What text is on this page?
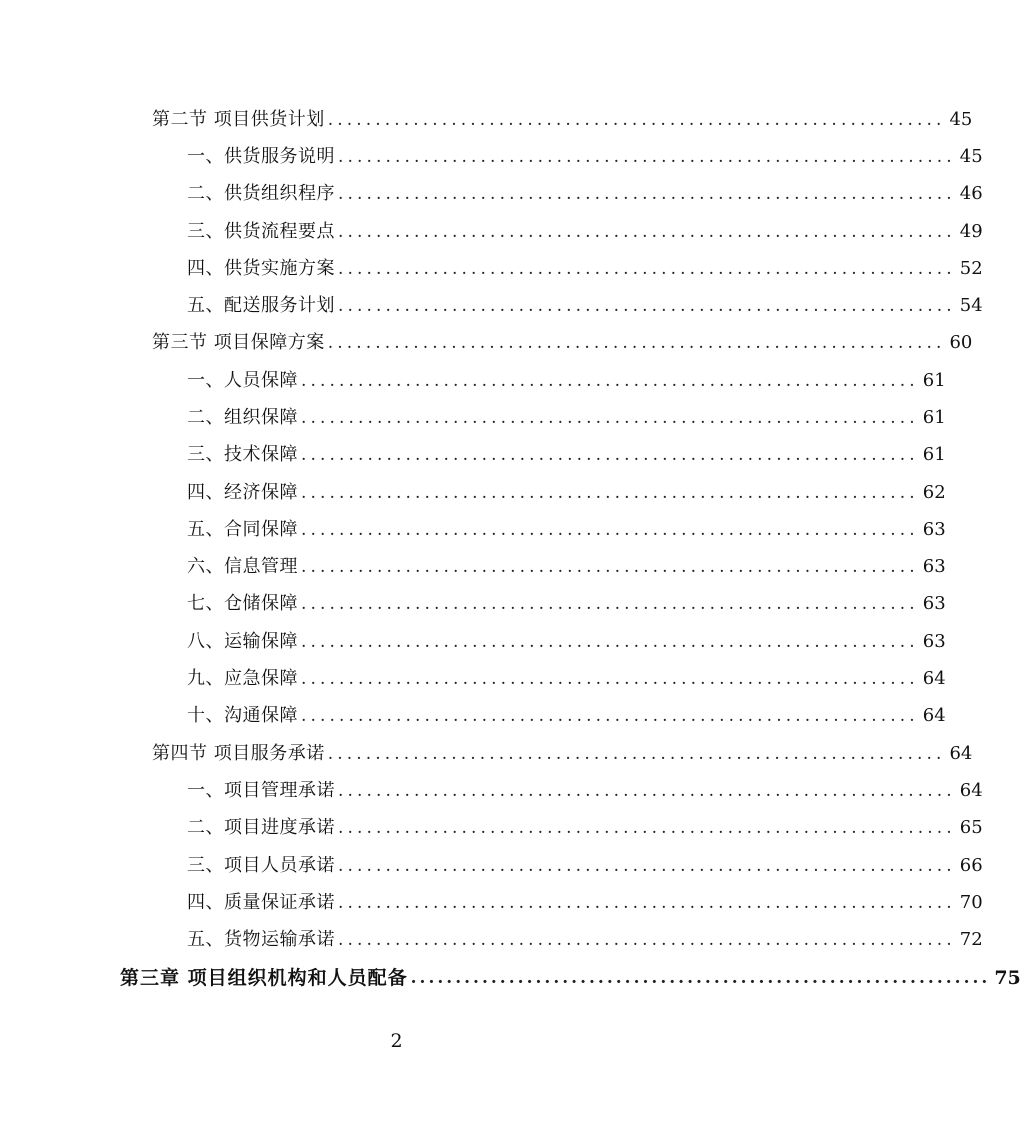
第二节 项目供货计划 ................................................................. 45
一、供货服务说明 ................................................................. 45
二、供货组织程序 ................................................................. 46
三、供货流程要点 ................................................................. 49
四、供货实施方案 ................................................................. 52
五、配送服务计划 ................................................................. 54
第三节 项目保障方案 ................................................................. 60
一、人员保障 ................................................................. 61
二、组织保障 ................................................................. 61
三、技术保障 ................................................................. 61
四、经济保障 ................................................................. 62
五、合同保障 ................................................................. 63
六、信息管理 ................................................................. 63
七、仓储保障 ................................................................. 63
八、运输保障 ................................................................. 63
九、应急保障 ................................................................. 64
十、沟通保障 ................................................................. 64
第四节 项目服务承诺 ................................................................. 64
一、项目管理承诺 ................................................................. 64
二、项目进度承诺 ................................................................. 65
三、项目人员承诺 ................................................................. 66
四、质量保证承诺 ................................................................. 70
五、货物运输承诺 ................................................................. 72
第三章 项目组织机构和人员配备 ................................................................. 75
2
